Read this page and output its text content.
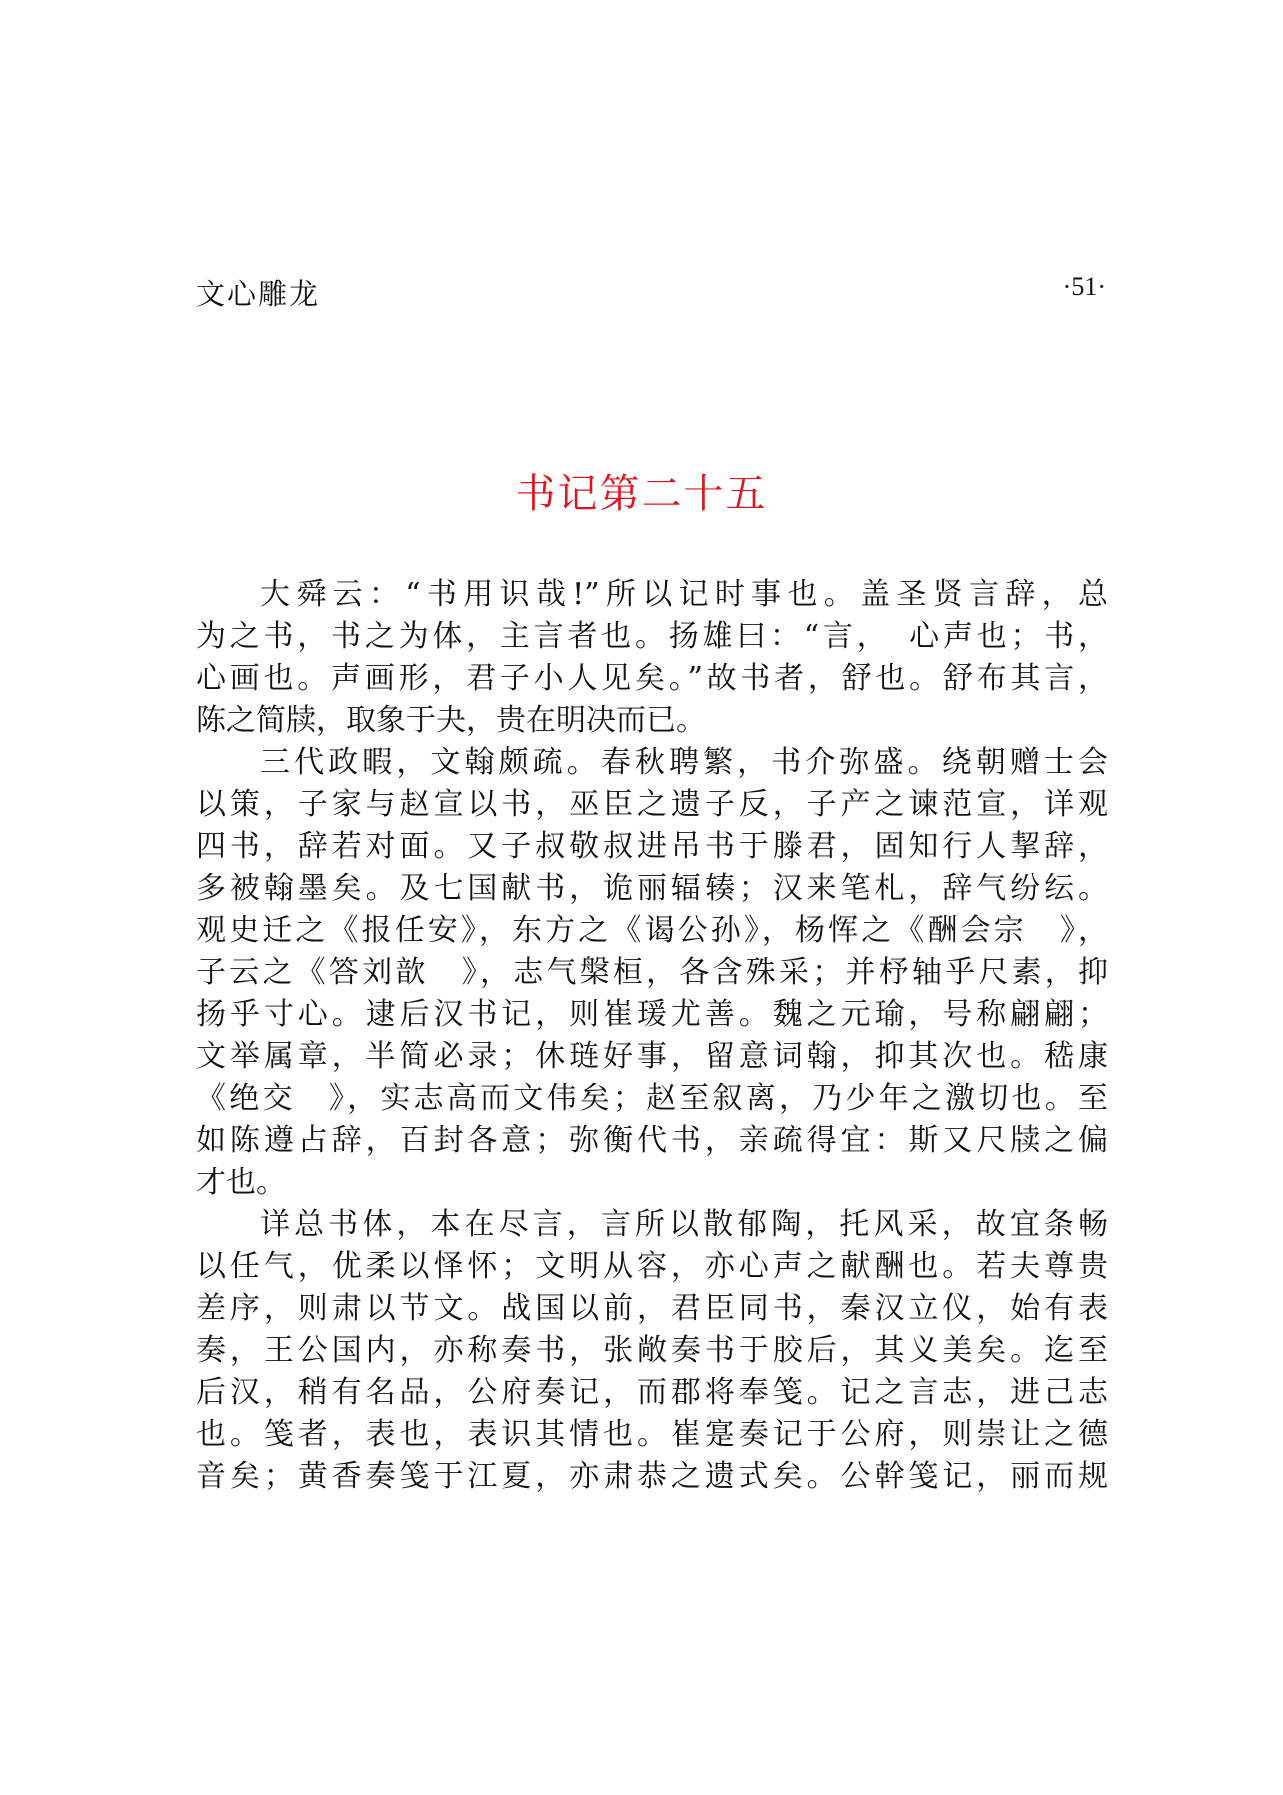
文心雕龙	·51·
书记第二十五
大舜云：“书用识哉!”所以记时事也。盖圣贤言辞，总
为之书，书之为体，主言者也。扬雄曰：“言，　心声也；书，
心画也。声画形，君子小人见矣。”故书者，舒也。舒布其言，
陈之简牍，取象于夬，贵在明决而已。
三代政暇，文翰颇疏。春秋聘繁，书介弥盛。绕朝赠士会
以策，子家与赵宣以书，巫臣之遗子反，子产之谏范宣，详观
四书，辞若对面。又子叔敬叔进吊书于滕君，固知行人挈辞，
多被翰墨矣。及七国献书，诡丽辐辏；汉来笔札，辞气纷纭。
观史迁之《报任安》，东方之《谒公孙》，杨恽之《酬会宗　》，
子云之《答刘歆　》，志气槃桓，各含殊采；并杼轴乎尺素，抑
扬乎寸心。逮后汉书记，则崔瑗尤善。魏之元瑜，号称翩翩；
文举属章，半简必录；休琏好事，留意词翰，抑其次也。嵇康
《绝交　》，实志高而文伟矣；赵至叙离，乃少年之激切也。至
如陈遵占辞，百封各意；弥衡代书，亲疏得宜：斯又尺牍之偏
才也。
详总书体，本在尽言，言所以散郁陶，托风采，故宜条畅
以任气，优柔以怿怀；文明从容，亦心声之献酬也。若夫尊贵
差序，则肃以节文。战国以前，君臣同书，秦汉立仪，始有表
奏，王公国内，亦称奏书，张敞奏书于胶后，其义美矣。迄至
后汉，稍有名品，公府奏记，而郡将奉笺。记之言志，进己志
也。笺者，表也，表识其情也。崔寔奏记于公府，则崇让之德
音矣；黄香奏笺于江夏，亦肃恭之遗式矣。公幹笺记，丽而规
